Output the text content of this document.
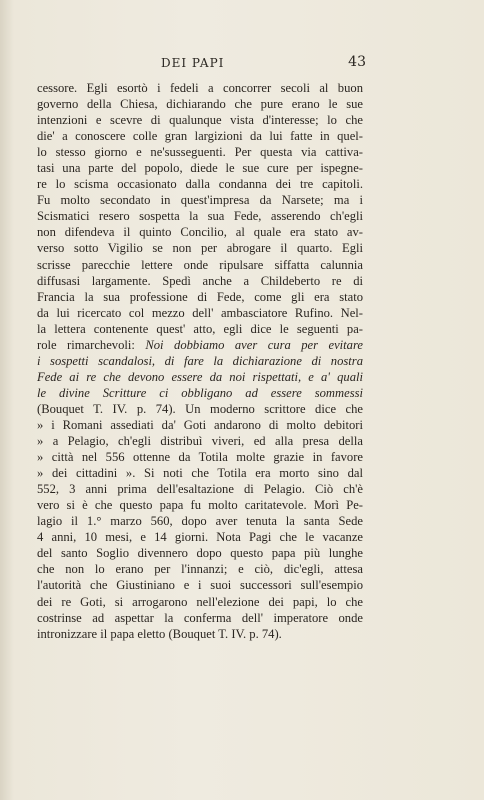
DEI PAPI	43
cessore. Egli esortò i fedeli a concorrer secoli al buon
governo della Chiesa, dichiarando che pure erano le sue
intenzioni e scevre di qualunque vista d'interesse; lo che
die' a conoscere colle gran largizioni da lui fatte in quel-
lo stesso giorno e ne'susseguenti. Per questa via cattiva-
tasi una parte del popolo, diede le sue cure per ispegne-
re lo scisma occasionato dalla condanna dei tre capitoli.
Fu molto secondato in quest'impresa da Narsete; ma i
Scismatici resero sospetta la sua Fede, asserendo ch'egli
non difendeva il quinto Concilio, al quale era stato av-
verso sotto Vigilio se non per abrogare il quarto. Egli
scrisse parecchie lettere onde ripulsare siffatta calunnia
diffusasi largamente. Spedì anche a Childeberto re di
Francia la sua professione di Fede, come gli era stato
da lui ricercato col mezzo dell' ambasciatore Rufino. Nel-
la lettera contenente quest' atto, egli dice le seguenti pa-
role rimarchevoli: Noi dobbiamo aver cura per evitare
i sospetti scandalosi, di fare la dichiarazione di nostra
Fede ai re che devono essere da noi rispettati, e a' quali
le divine Scritture ci obbligano ad essere sommessi
(Bouquet T. IV. p. 74). Un moderno scrittore dice che
» i Romani assediati da' Goti andarono di molto debitori
» a Pelagio, ch'egli distribuì viveri, ed alla presa della
» città nel 556 ottenne da Totila molte grazie in favore
» dei cittadini ». Si noti che Totila era morto sino dal
552, 3 anni prima dell'esaltazione di Pelagio. Ciò ch'è
vero si è che questo papa fu molto caritatevole. Morì Pe-
lagio il 1.° marzo 560, dopo aver tenuta la santa Sede
4 anni, 10 mesi, e 14 giorni. Nota Pagi che le vacanze
del santo Soglio divennero dopo questo papa più lunghe
che non lo erano per l'innanzi; e ciò, dic'egli, attesa
l'autorità che Giustiniano e i suoi successori sull'esempio
dei re Goti, si arrogarono nell'elezione dei papi, lo che
costrinse ad aspettar la conferma dell' imperatore onde
intronizzare il papa eletto (Bouquet T. IV. p. 74).
